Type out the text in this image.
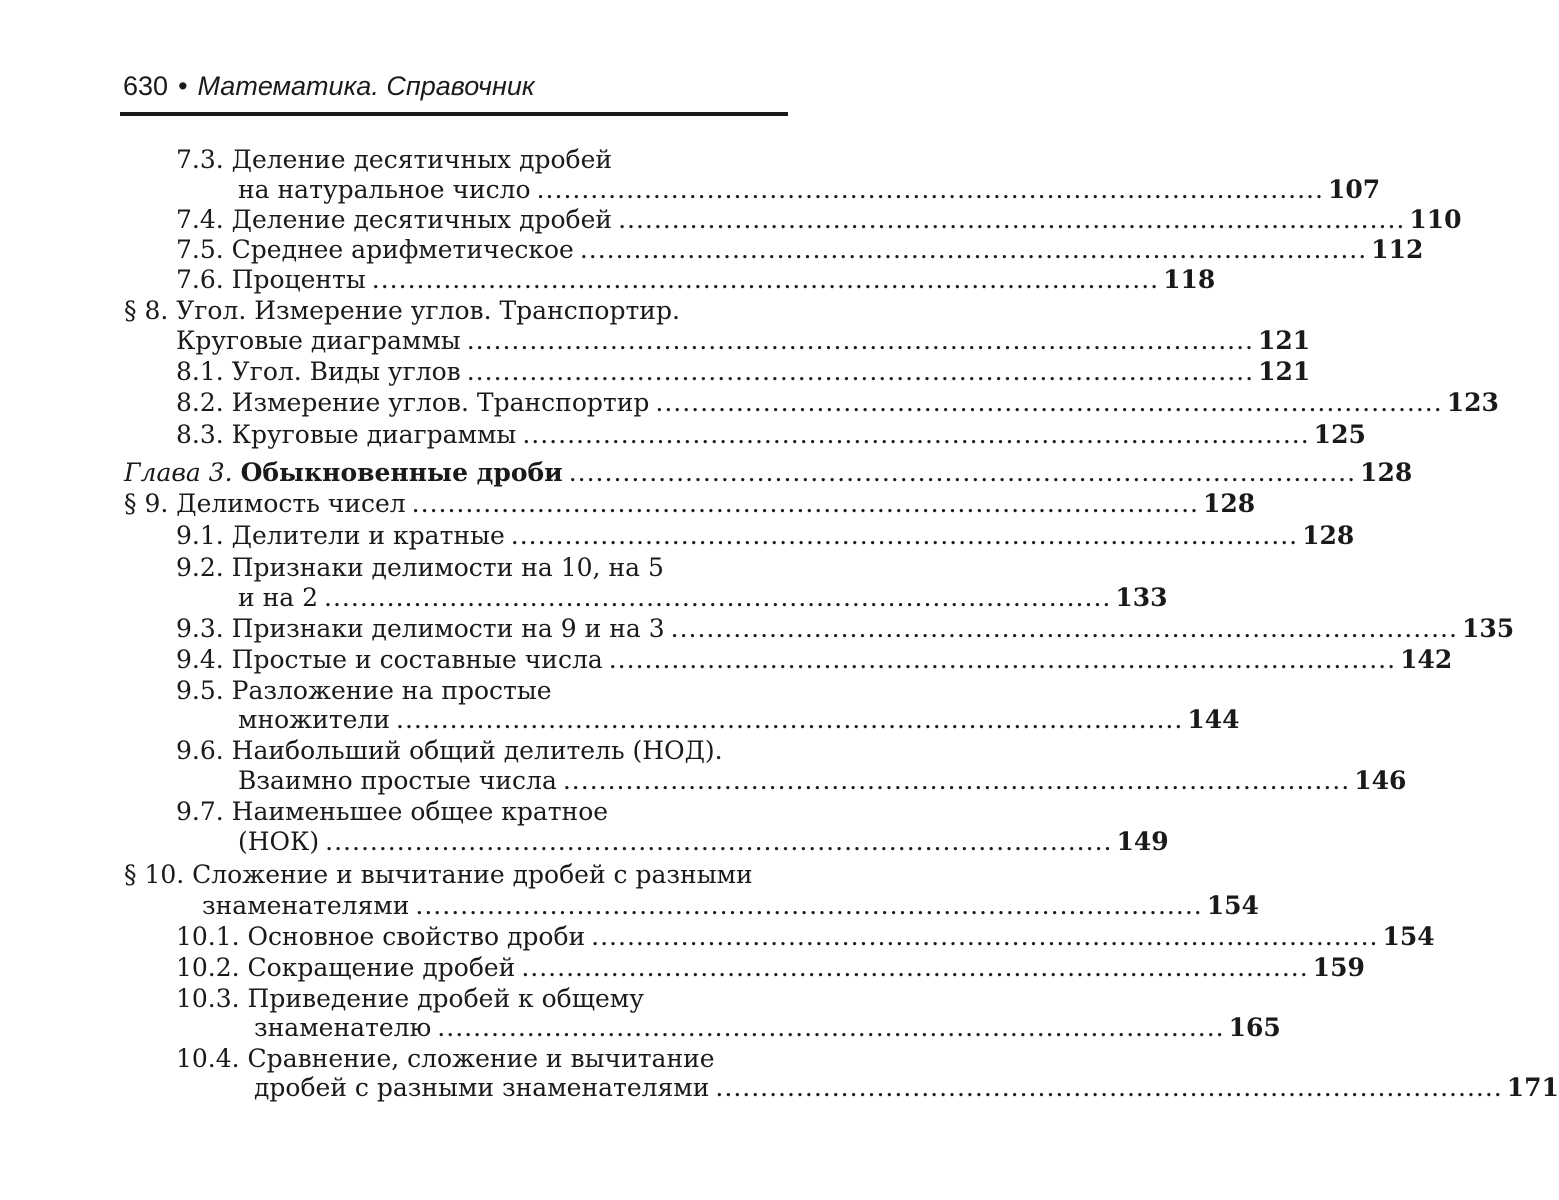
630 • Математика. Справочник
7.3. Деление десятичных дробей
на натуральное число ........................................................................................ 107
7.4. Деление десятичных дробей ........................................................................................ 110
7.5. Среднее арифметическое ........................................................................................ 112
7.6. Проценты ........................................................................................ 118
§ 8. Угол. Измерение углов. Транспортир.
Круговые диаграммы ........................................................................................ 121
8.1. Угол. Виды углов ........................................................................................ 121
8.2. Измерение углов. Транспортир ........................................................................................ 123
8.3. Круговые диаграммы ........................................................................................ 125
Глава 3. Обыкновенные дроби ........................................................................................ 128
§ 9. Делимость чисел ........................................................................................ 128
9.1. Делители и кратные ........................................................................................ 128
9.2. Признаки делимости на 10, на 5
и на 2 ........................................................................................ 133
9.3. Признаки делимости на 9 и на 3 ........................................................................................ 135
9.4. Простые и составные числа ........................................................................................ 142
9.5. Разложение на простые
множители ........................................................................................ 144
9.6. Наибольший общий делитель (НОД).
Взаимно простые числа ........................................................................................ 146
9.7. Наименьшее общее кратное
(НОК) ........................................................................................ 149
§ 10. Сложение и вычитание дробей с разными
знаменателями ........................................................................................ 154
10.1. Основное свойство дроби ........................................................................................ 154
10.2. Сокращение дробей ........................................................................................ 159
10.3. Приведение дробей к общему
знаменателю ........................................................................................ 165
10.4. Сравнение, сложение и вычитание
дробей с разными знаменателями ........................................................................................ 171
